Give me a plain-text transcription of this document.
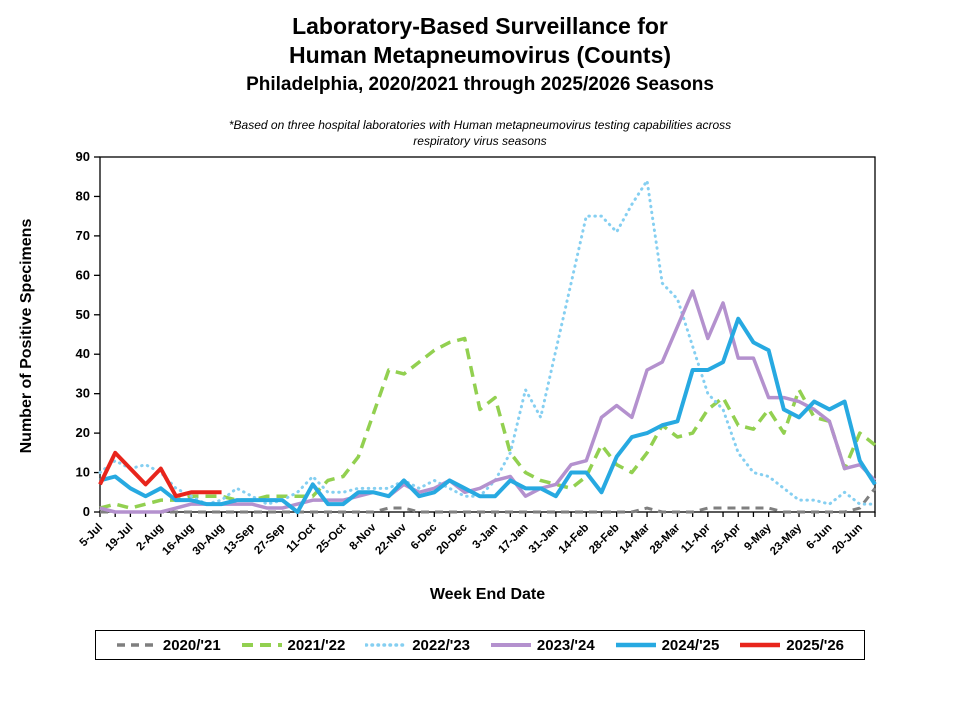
Laboratory-Based Surveillance for
Human Metapneumovirus (Counts)
Philadelphia, 2020/2021 through 2025/2026 Seasons
*Based on three hospital laboratories with Human metapneumovirus testing capabilities across
respiratory virus seasons
0
10
20
30
40
50
60
70
80
90
5-Jul
19-Jul
2-Aug
16-Aug
30-Aug
13-Sep
27-Sep
11-Oct
25-Oct 8-Nov
22-Nov 6-Dec
20-Dec 3-Jan
17-Jan
31-Jan
14-Feb
28-Feb
14-Mar
28-Mar
11-Apr
25-Apr
9-May
23-May 6-Jun
20-Jun
Week End Date
Number of Positive Specimens
2020/'21	2021/'22	2022/'23	2023/'24	2024/'25	2025/'26
